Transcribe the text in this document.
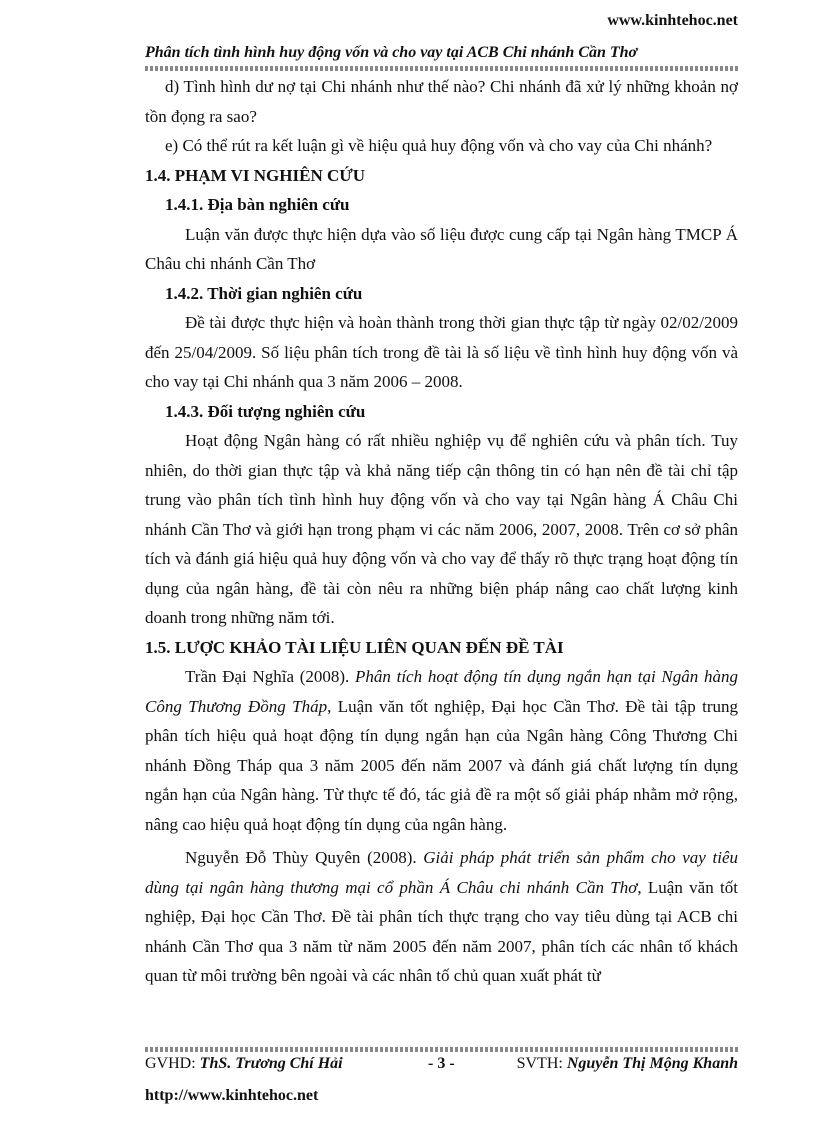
www.kinhtehoc.net
Phân tích tình hình huy động vốn và cho vay tại ACB Chi nhánh Cần Thơ

d) Tình hình dư nợ tại Chi nhánh như thế nào? Chi nhánh đã xử lý những khoản nợ tồn đọng ra sao?

e) Có thể rút ra kết luận gì về hiệu quả huy động vốn và cho vay của Chi nhánh?

1.4. PHẠM VI NGHIÊN CỨU

1.4.1. Địa bàn nghiên cứu

Luận văn được thực hiện dựa vào số liệu được cung cấp tại Ngân hàng TMCP Á Châu chi nhánh Cần Thơ

1.4.2. Thời gian nghiên cứu

Đề tài được thực hiện và hoàn thành trong thời gian thực tập từ ngày 02/02/2009 đến 25/04/2009. Số liệu phân tích trong đề tài là số liệu về tình hình huy động vốn và cho vay tại Chi nhánh qua 3 năm 2006 – 2008.

1.4.3. Đối tượng nghiên cứu

Hoạt động Ngân hàng có rất nhiều nghiệp vụ để nghiên cứu và phân tích. Tuy nhiên, do thời gian thực tập và khả năng tiếp cận thông tin có hạn nên đề tài chỉ tập trung vào phân tích tình hình huy động vốn và cho vay tại Ngân hàng Á Châu Chi nhánh Cần Thơ và giới hạn trong phạm vi các năm 2006, 2007, 2008. Trên cơ sở phân tích và đánh giá hiệu quả huy động vốn và cho vay để thấy rõ thực trạng hoạt động tín dụng của ngân hàng, đề tài còn nêu ra những biện pháp nâng cao chất lượng kinh doanh trong những năm tới.

1.5. LƯỢC KHẢO TÀI LIỆU LIÊN QUAN ĐẾN ĐỀ TÀI

Trần Đại Nghĩa (2008). Phân tích hoạt động tín dụng ngắn hạn tại Ngân hàng Công Thương Đồng Tháp, Luận văn tốt nghiệp, Đại học Cần Thơ. Đề tài tập trung phân tích hiệu quả hoạt động tín dụng ngắn hạn của Ngân hàng Công Thương Chi nhánh Đồng Tháp qua 3 năm 2005 đến năm 2007 và đánh giá chất lượng tín dụng ngắn hạn của Ngân hàng. Từ thực tế đó, tác giả đề ra một số giải pháp nhằm mở rộng, nâng cao hiệu quả hoạt động tín dụng của ngân hàng.

Nguyễn Đỗ Thùy Quyên (2008). Giải pháp phát triển sản phẩm cho vay tiêu dùng tại ngân hàng thương mại cổ phần Á Châu chi nhánh Cần Thơ, Luận văn tốt nghiệp, Đại học Cần Thơ. Đề tài phân tích thực trạng cho vay tiêu dùng tại ACB chi nhánh Cần Thơ qua 3 năm từ năm 2005 đến năm 2007, phân tích các nhân tố khách quan từ môi trường bên ngoài và các nhân tố chủ quan xuất phát từ

GVHD: ThS. Trương Chí Hải	- 3 -	SVTH: Nguyễn Thị Mộng Khanh
http://www.kinhtehoc.net
